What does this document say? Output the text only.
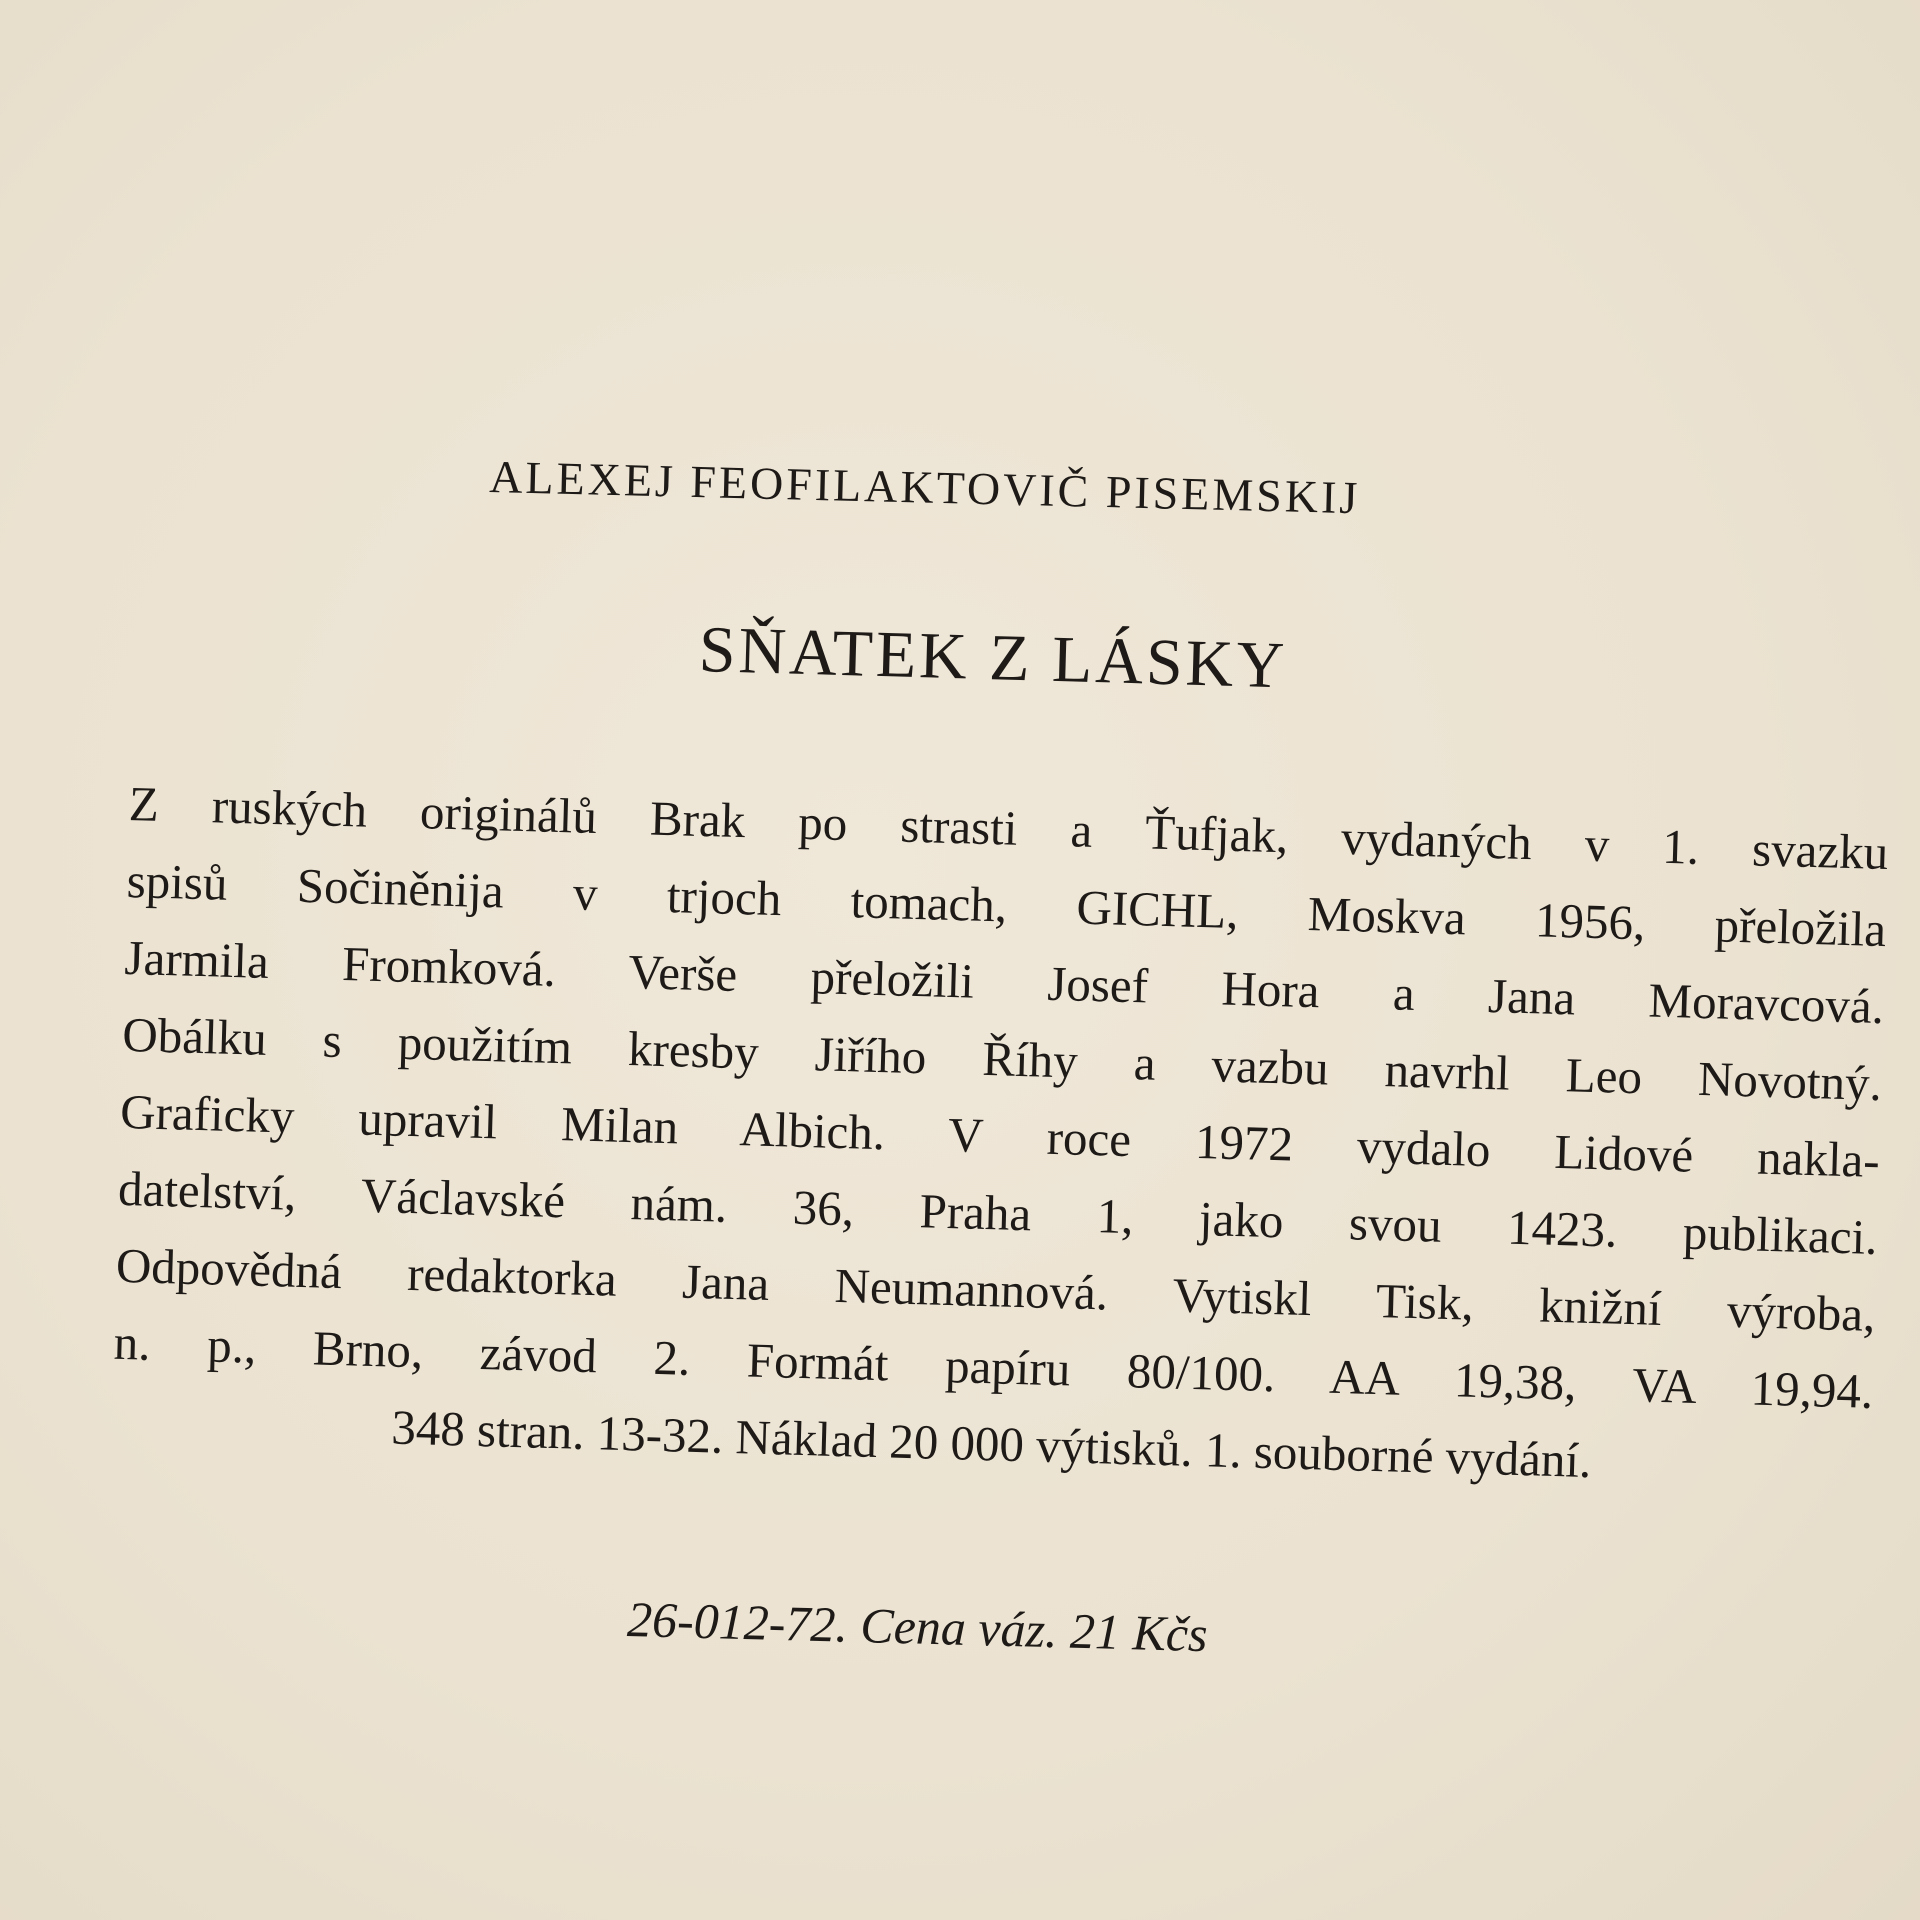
ALEXEJ FEOFILAKTOVIČ PISEMSKIJ
SŇATEK Z LÁSKY
Z ruských originálů Brak po strasti a Ťufjak, vydaných v 1. svazku
spisů Sočiněnija v trjoch tomach, GICHL, Moskva 1956, přeložila
Jarmila Fromková. Verše přeložili Josef Hora a Jana Moravcová.
Obálku s použitím kresby Jiřího Říhy a vazbu navrhl Leo Novotný.
Graficky upravil Milan Albich. V roce 1972 vydalo Lidové nakla-
datelství, Václavské nám. 36, Praha 1, jako svou 1423. publikaci.
Odpovědná redaktorka Jana Neumannová. Vytiskl Tisk, knižní výroba,
n. p., Brno, závod 2. Formát papíru 80/100. AA 19,38, VA 19,94.
348 stran. 13-32. Náklad 20 000 výtisků. 1. souborné vydání.
26-012-72. Cena váz. 21 Kčs
